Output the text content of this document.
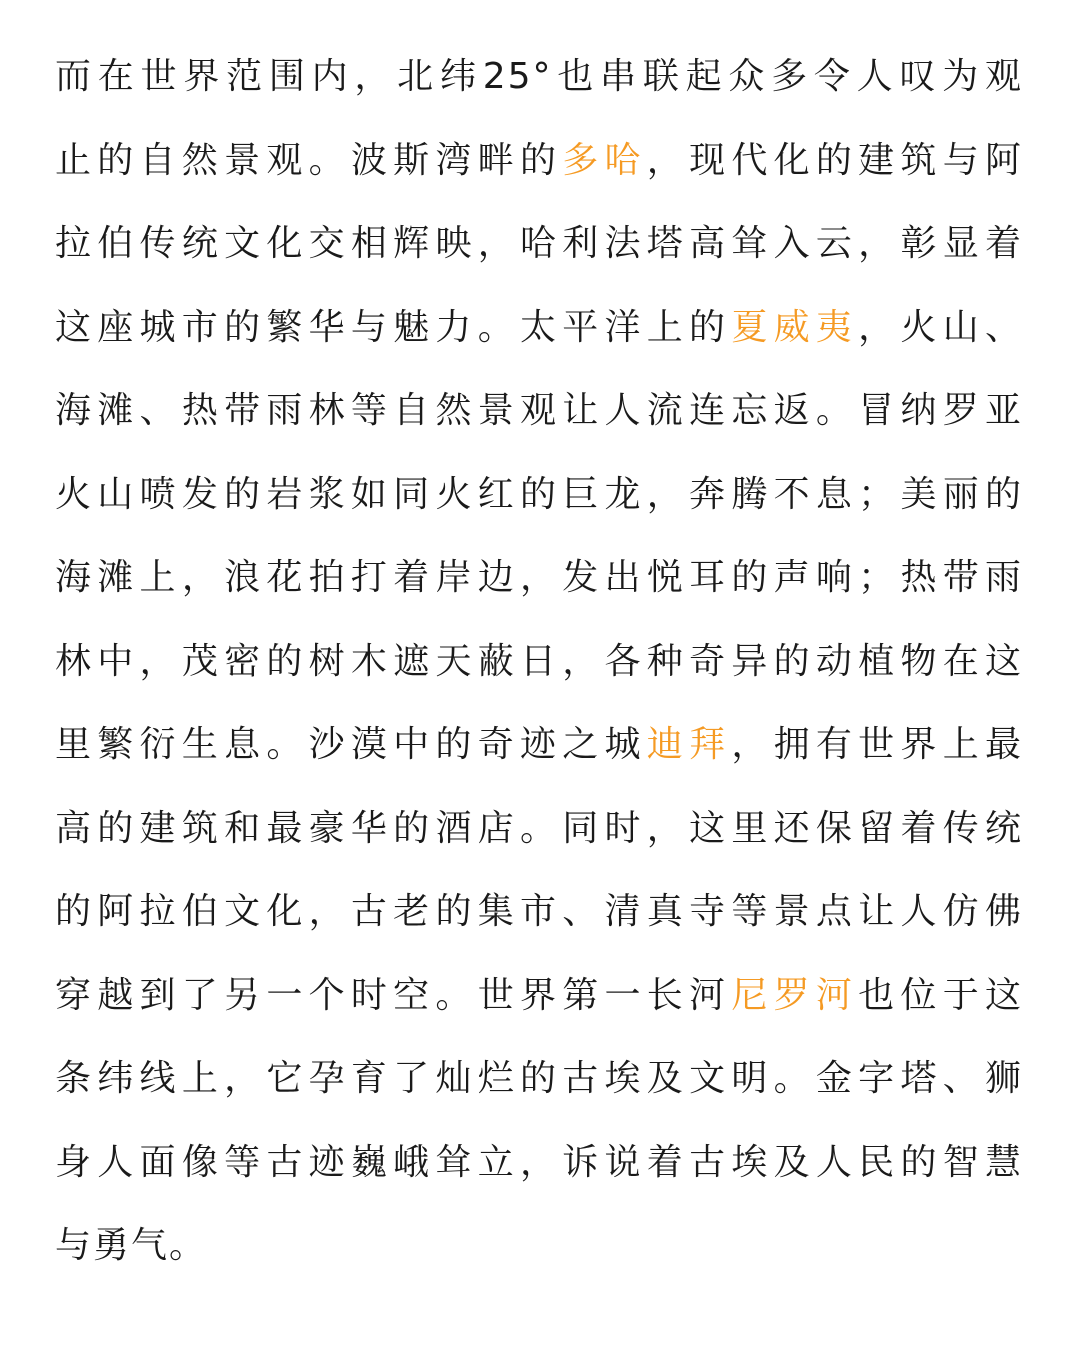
而在世界范围内，北纬25°也串联起众多令人叹为观
止的自然景观。波斯湾畔的多哈，现代化的建筑与阿
拉伯传统文化交相辉映，哈利法塔高耸入云，彰显着
这座城市的繁华与魅力。太平洋上的夏威夷，火山、
海滩、热带雨林等自然景观让人流连忘返。冒纳罗亚
火山喷发的岩浆如同火红的巨龙，奔腾不息；美丽的
海滩上，浪花拍打着岸边，发出悦耳的声响；热带雨
林中，茂密的树木遮天蔽日，各种奇异的动植物在这
里繁衍生息。沙漠中的奇迹之城迪拜，拥有世界上最
高的建筑和最豪华的酒店。同时，这里还保留着传统
的阿拉伯文化，古老的集市、清真寺等景点让人仿佛
穿越到了另一个时空。世界第一长河尼罗河也位于这
条纬线上，它孕育了灿烂的古埃及文明。金字塔、狮
身人面像等古迹巍峨耸立，诉说着古埃及人民的智慧
与勇气。
